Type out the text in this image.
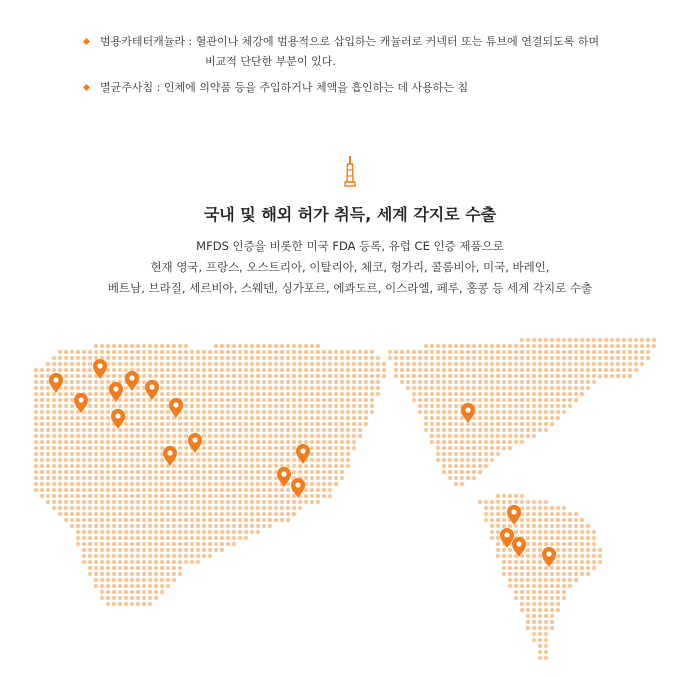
범용카테터캐뉼라 : 혈관이나 체강에 범용적으로 삽입하는 캐뉼러로 커넥터 또는 튜브에 연결되도록 하며
비교적 단단한 부분이 있다.
멸균주사침 : 인체에 의약품 등을 주입하거나 체액을 흡인하는 데 사용하는 침
국내 및 해외 허가 취득, 세계 각지로 수출
MFDS 인증을 비롯한 미국 FDA 등록, 유럽 CE 인증 제품으로
현재 영국, 프랑스, 오스트리아, 이탈리아, 체코, 헝가리, 콜롬비아, 미국, 바레인,
베트남, 브라질, 세르비아, 스웨덴, 싱가포르, 에콰도르, 이스라엘, 페루, 홍콩 등 세계 각지로 수출
